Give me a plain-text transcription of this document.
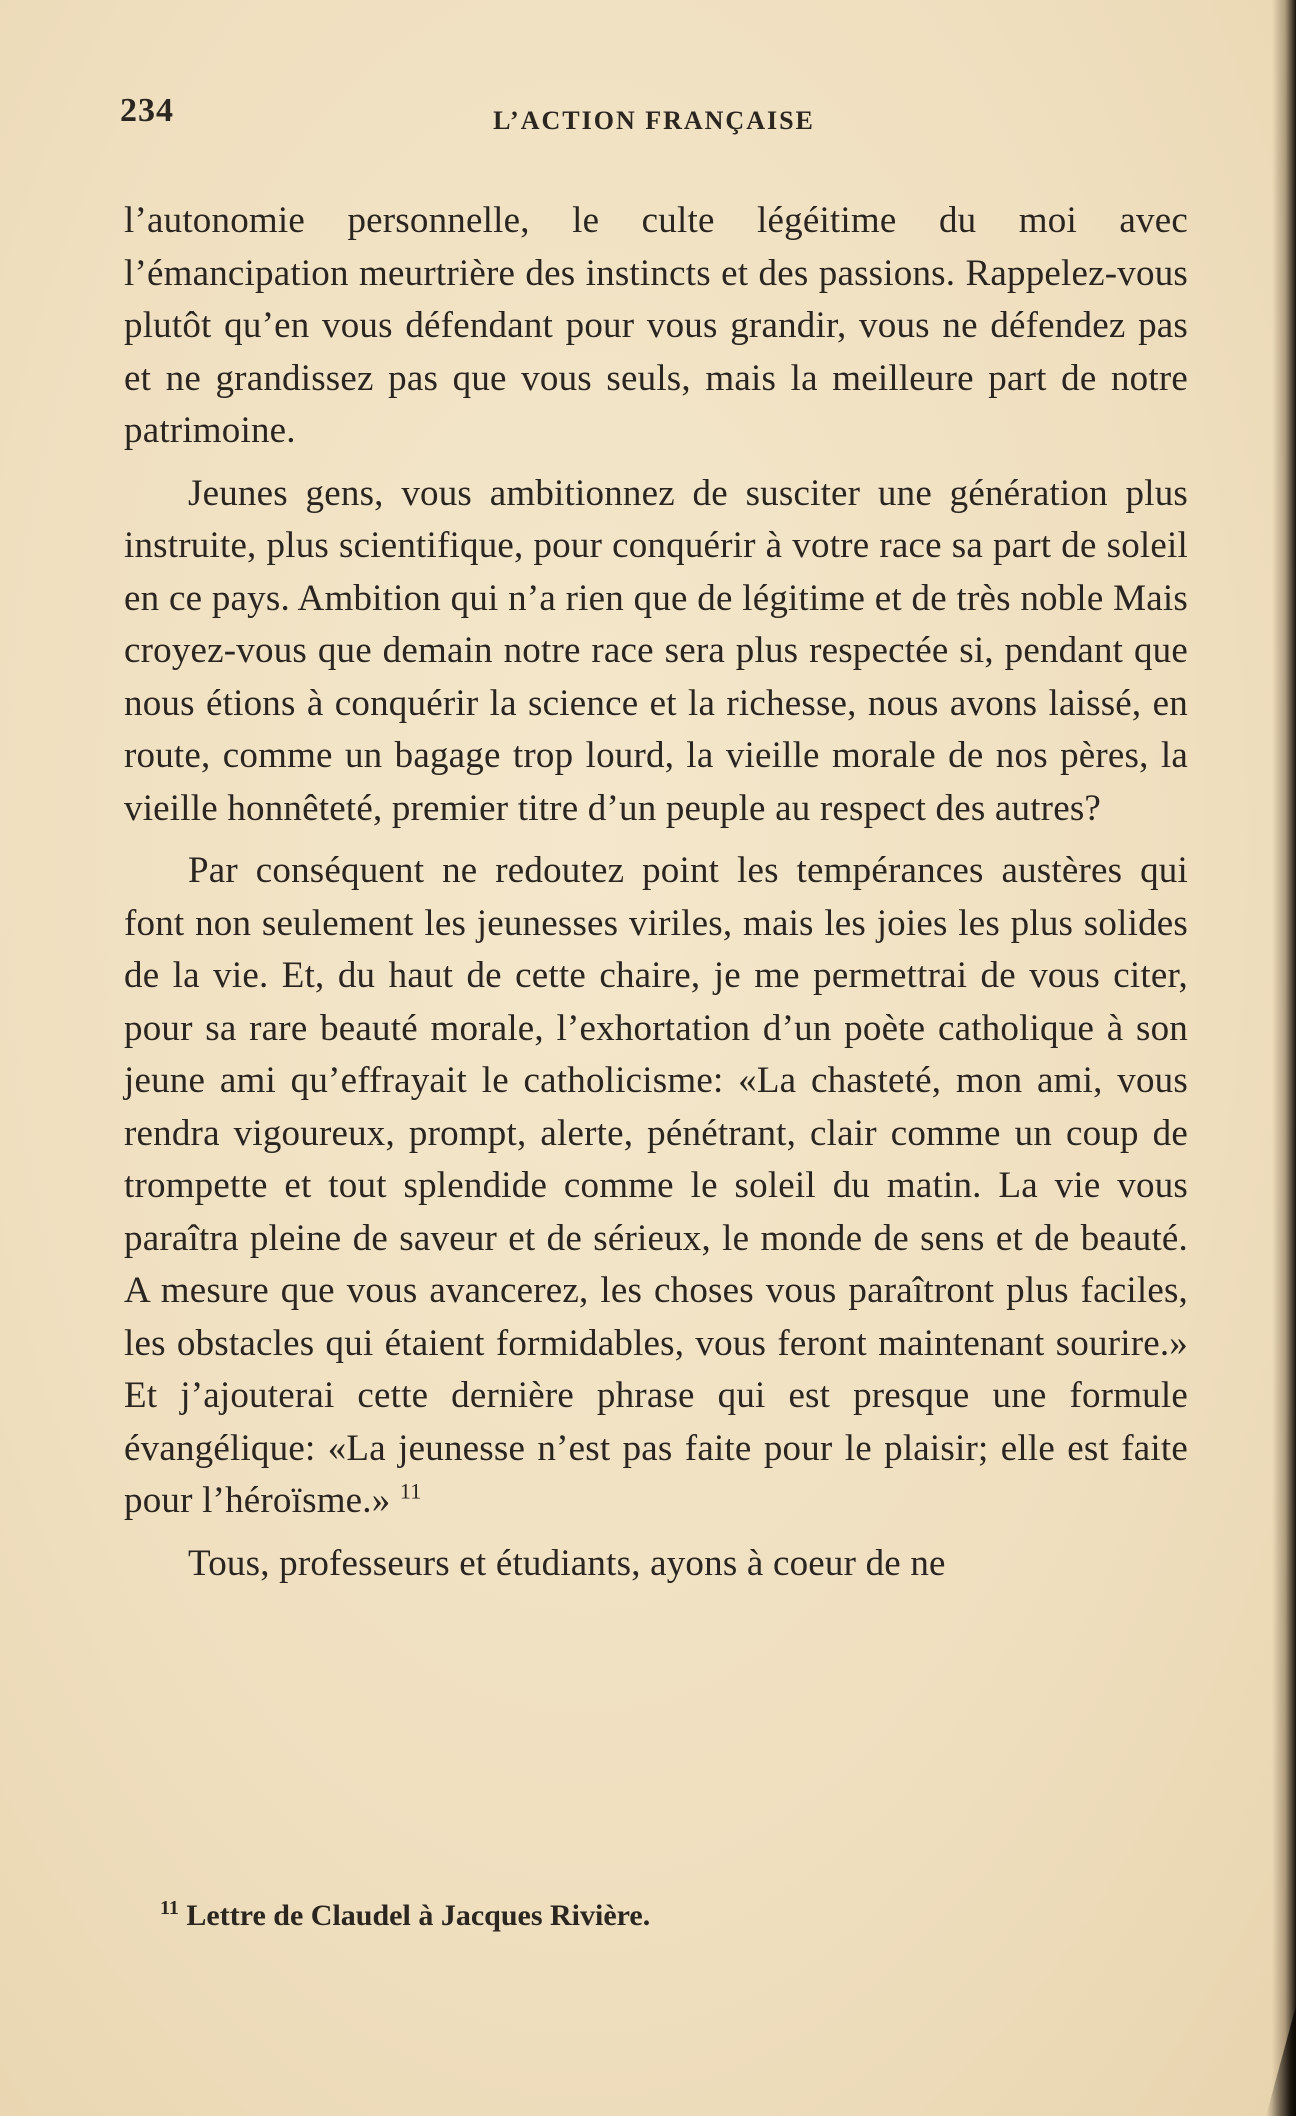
234	L’ACTION FRANÇAISE

l’autonomie personnelle, le culte légéitime du moi avec l’émancipation meurtrière des instincts et des passions. Rappelez-vous plutôt qu’en vous défendant pour vous grandir, vous ne défendez pas et ne grandissez pas que vous seuls, mais la meilleure part de notre patrimoine.

Jeunes gens, vous ambitionnez de susciter une génération plus instruite, plus scientifique, pour conquérir à votre race sa part de soleil en ce pays. Ambition qui n’a rien que de légitime et de très noble Mais croyez-vous que demain notre race sera plus respectée si, pendant que nous étions à conquérir la science et la richesse, nous avons laissé, en route, comme un bagage trop lourd, la vieille morale de nos pères, la vieille honnêteté, premier titre d’un peuple au respect des autres?

Par conséquent ne redoutez point les tempérances austères qui font non seulement les jeunesses viriles, mais les joies les plus solides de la vie. Et, du haut de cette chaire, je me permettrai de vous citer, pour sa rare beauté morale, l’exhortation d’un poète catholique à son jeune ami qu’effrayait le catholicisme: «La chasteté, mon ami, vous rendra vigoureux, prompt, alerte, pénétrant, clair comme un coup de trompette et tout splendide comme le soleil du matin. La vie vous paraîtra pleine de saveur et de sérieux, le monde de sens et de beauté. A mesure que vous avancerez, les choses vous paraîtront plus faciles, les obstacles qui étaient formidables, vous feront maintenant sourire.» Et j’ajouterai cette dernière phrase qui est presque une formule évangélique: «La jeunesse n’est pas faite pour le plaisir; elle est faite pour l’héroïsme.» $^{11}$

Tous, professeurs et étudiants, ayons à coeur de ne

$^{11}$ Lettre de Claudel à Jacques Rivière.
